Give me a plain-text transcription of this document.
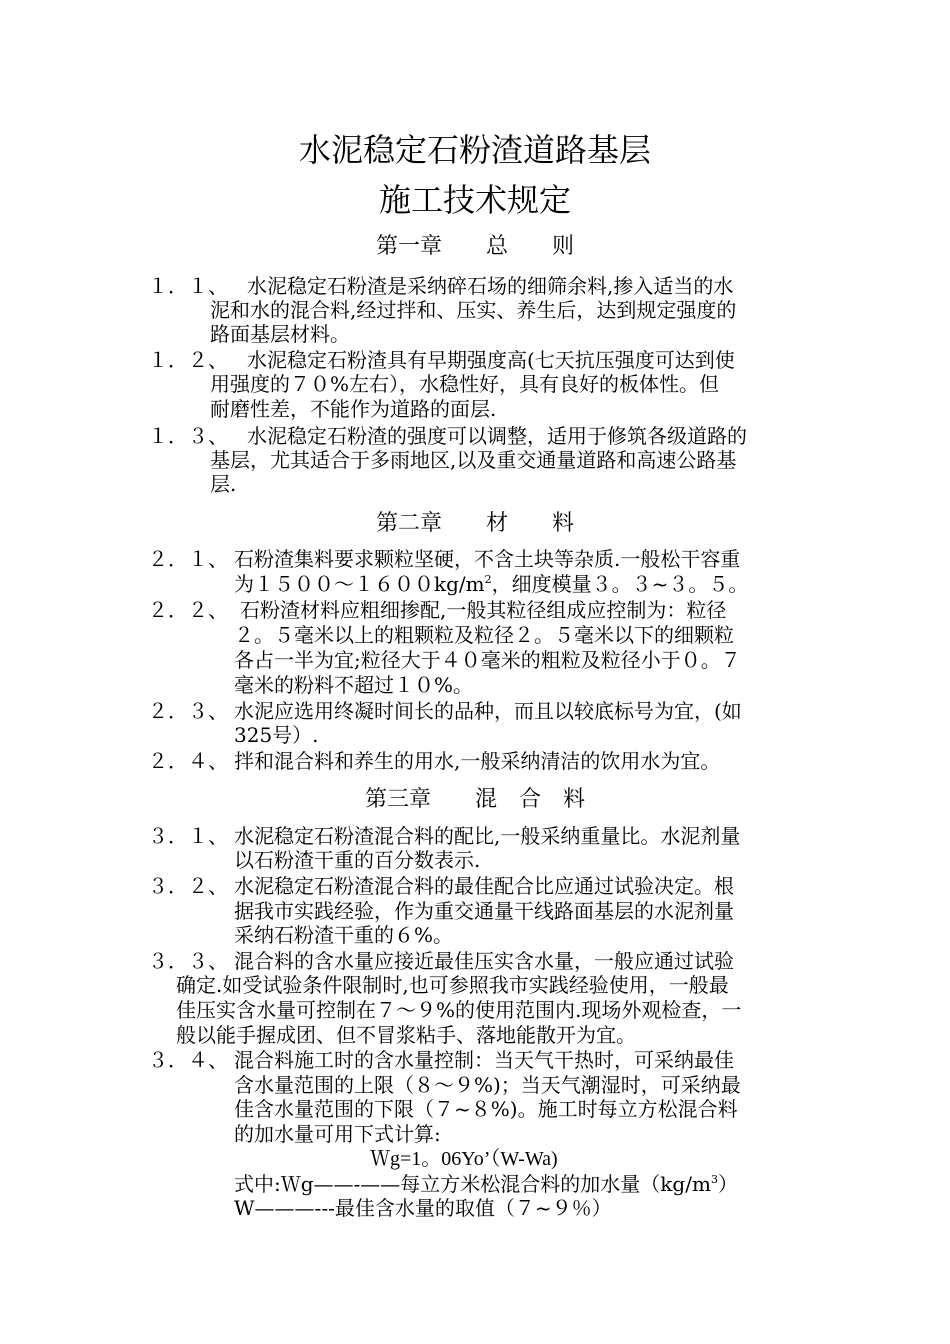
水泥稳定石粉渣道路基层
施工技术规定
第一章　　总　　则
１．１、 水泥稳定石粉渣是采纳碎石场的细筛余料,掺入适当的水
泥和水的混合料,经过拌和、压实、养生后，达到规定强度的
路面基层材料。
１．２、 水泥稳定石粉渣具有早期强度高(七天抗压强度可达到使
用强度的７０%左右），水稳性好，具有良好的板体性。但
耐磨性差，不能作为道路的面层.
１．３、 水泥稳定石粉渣的强度可以调整，适用于修筑各级道路的
基层，尤其适合于多雨地区,以及重交通量道路和高速公路基
层.
第二章　　材　　料
２．１、 石粉渣集料要求颗粒坚硬，不含土块等杂质.一般松干容重
为$1500\sim 1600kg/m^2$，细度模量３。３~３。５。
２．２、 石粉渣材料应粗细掺配,一般其粒径组成应控制为：粒径
２。５毫米以上的粗颗粒及粒径２。５毫米以下的细颗粒
各占一半为宜;粒径大于４０毫米的粗粒及粒径小于０。７
毫米的粉料不超过１０%。
２．３、 水泥应选用终凝时间长的品种，而且以较底标号为宜，(如
325号）.
２．４、 拌和混合料和养生的用水,一般采纳清洁的饮用水为宜。
第三章　　混　合　料
３．１、 水泥稳定石粉渣混合料的配比,一般采纳重量比。水泥剂量
以石粉渣干重的百分数表示.
３．２、 水泥稳定石粉渣混合料的最佳配合比应通过试验决定。根
据我市实践经验，作为重交通量干线路面基层的水泥剂量
采纳石粉渣干重的６%。
３．３、 混合料的含水量应接近最佳压实含水量，一般应通过试验
确定.如受试验条件限制时,也可参照我市实践经验使用，一般最
佳压实含水量可控制在７～９%的使用范围内.现场外观检查，一
般以能手握成团、但不冒浆粘手、落地能散开为宜。
３．４、 混合料施工时的含水量控制：当天气干热时，可采纳最佳
含水量范围的上限（８～９%)；当天气潮湿时，可采纳最
佳含水量范围的下限（７~８%)。施工时每立方松混合料
的加水量可用下式计算:
Ｗg=1。06Yo’（W-Wa)
式中:Ｗg——-——每立方米松混合料的加水量$(kg/m^3)$
W———---最佳含水量的取值（７~９％）
